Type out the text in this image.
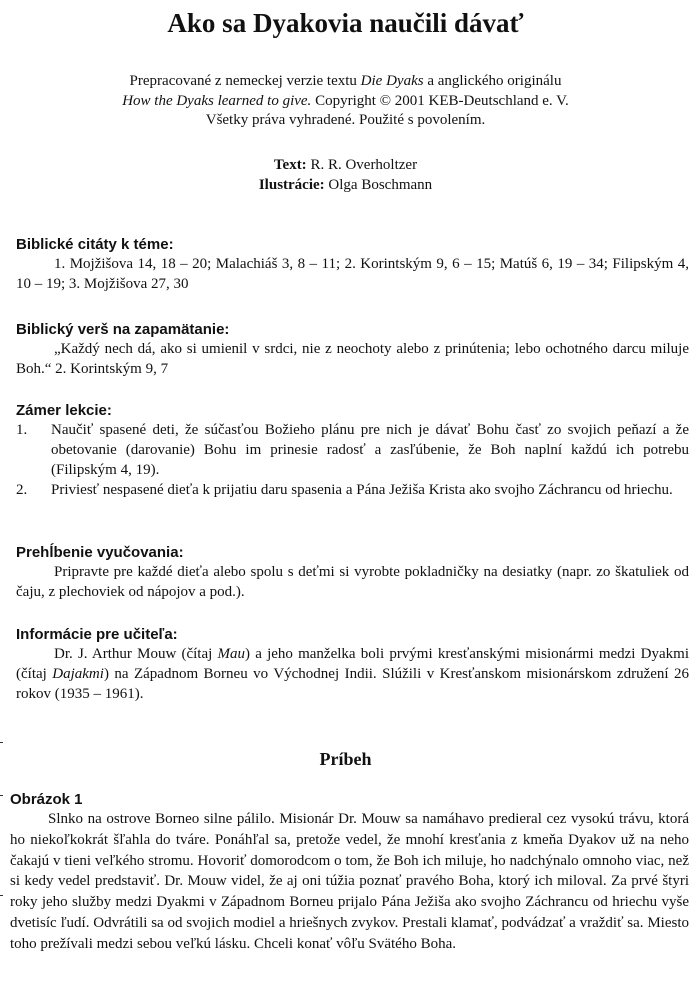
Ako sa Dyakovia naučili dávať

Prepracované z nemeckej verzie textu Die Dyaks a anglického originálu
How the Dyaks learned to give. Copyright © 2001 KEB-Deutschland e. V.
Všetky práva vyhradené. Použité s povolením.

Text: R. R. Overholtzer
Ilustrácie: Olga Boschmann

Biblické citáty k téme:

1. Mojžišova 14, 18 – 20; Malachiáš 3, 8 – 11; 2. Korintským 9, 6 – 15; Matúš 6, 19 – 34; Filipským 4, 10 – 19; 3. Mojžišova 27, 30

Biblický verš na zapamätanie:

„Každý nech dá, ako si umienil v srdci, nie z neochoty alebo z prinútenia; lebo ochotného darcu miluje Boh.“ 2. Korintským 9, 7

Zámer lekcie:

1. Naučiť spasené deti, že súčasťou Božieho plánu pre nich je dávať Bohu časť zo svojich peňazí a že obetovanie (darovanie) Bohu im prinesie radosť a zasľúbenie, že Boh naplní každú ich potrebu (Filipským 4, 19).
2. Priviesť nespasené dieťa k prijatiu daru spasenia a Pána Ježiša Krista ako svojho Záchrancu od hriechu.

Prehĺbenie vyučovania:

Pripravte pre každé dieťa alebo spolu s deťmi si vyrobte pokladničky na desiatky (napr. zo škatuliek od čaju, z plechoviek od nápojov a pod.).

Informácie pre učiteľa:

Dr. J. Arthur Mouw (čítaj Mau) a jeho manželka boli prvými kresťanskými misionármi medzi Dyakmi (čítaj Dajakmi) na Západnom Borneu vo Východnej Indii. Slúžili v Kresťanskom misionárskom združení 26 rokov (1935 – 1961).

Príbeh

Obrázok 1

Slnko na ostrove Borneo silne pálilo. Misionár Dr. Mouw sa namáhavo predieral cez vysokú trávu, ktorá ho niekoľkokrát šľahla do tváre. Ponáhľal sa, pretože vedel, že mnohí kresťania z kmeňa Dyakov už na neho čakajú v tieni veľkého stromu. Hovoriť domorodcom o tom, že Boh ich miluje, ho nadchýnalo omnoho viac, než si kedy vedel predstaviť. Dr. Mouw videl, že aj oni túžia poznať pravého Boha, ktorý ich miloval. Za prvé štyri roky jeho služby medzi Dyakmi v Západnom Borneu prijalo Pána Ježiša ako svojho Záchrancu od hriechu vyše dvetisíc ľudí. Odvrátili sa od svojich modiel a hriešnych zvykov. Prestali klamať, podvádzať a vraždiť sa. Miesto toho prežívali medzi sebou veľkú lásku. Chceli konať vôľu Svätého Boha.
